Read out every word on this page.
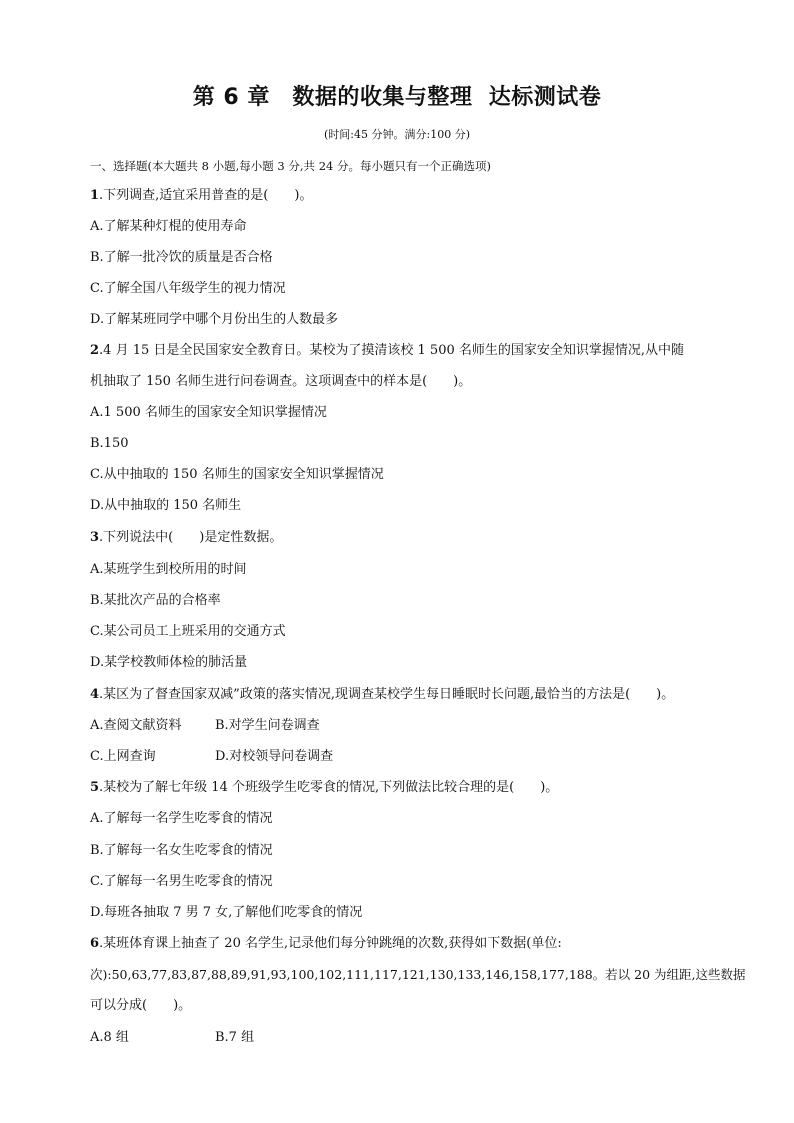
第 6 章　数据的收集与整理  达标测试卷
(时间:45 分钟。满分:100 分)
一、选择题(本大题共 8 小题,每小题 3 分,共 24 分。每小题只有一个正确选项)
1.下列调查,适宜采用普查的是(　　)。
A.了解某种灯棍的使用寿命
B.了解一批冷饮的质量是否合格
C.了解全国八年级学生的视力情况
D.了解某班同学中哪个月份出生的人数最多
2.4 月 15 日是全民国家安全教育日。某校为了摸清该校 1 500 名师生的国家安全知识掌握情况,从中随
机抽取了 150 名师生进行问卷调查。这项调查中的样本是(　　)。
A.1 500 名师生的国家安全知识掌握情况
B.150
C.从中抽取的 150 名师生的国家安全知识掌握情况
D.从中抽取的 150 名师生
3.下列说法中(　　)是定性数据。
A.某班学生到校所用的时间
B.某批次产品的合格率
C.某公司员工上班采用的交通方式
D.某学校教师体检的肺活量
4.某区为了督查国家双减”政策的落实情况,现调查某校学生每日睡眠时长问题,最恰当的方法是(　　)。
A.查阅文献资料	B.对学生问卷调查
C.上网查询	D.对校领导问卷调查
5.某校为了解七年级 14 个班级学生吃零食的情况,下列做法比较合理的是(　　)。
A.了解每一名学生吃零食的情况
B.了解每一名女生吃零食的情况
C.了解每一名男生吃零食的情况
D.每班各抽取 7 男 7 女,了解他们吃零食的情况
6.某班体育课上抽查了 20 名学生,记录他们每分钟跳绳的次数,获得如下数据(单位:
次):50,63,77,83,87,88,89,91,93,100,102,111,117,121,130,133,146,158,177,188。若以 20 为组距,这些数据
可以分成(　　)。
A.8 组	B.7 组
